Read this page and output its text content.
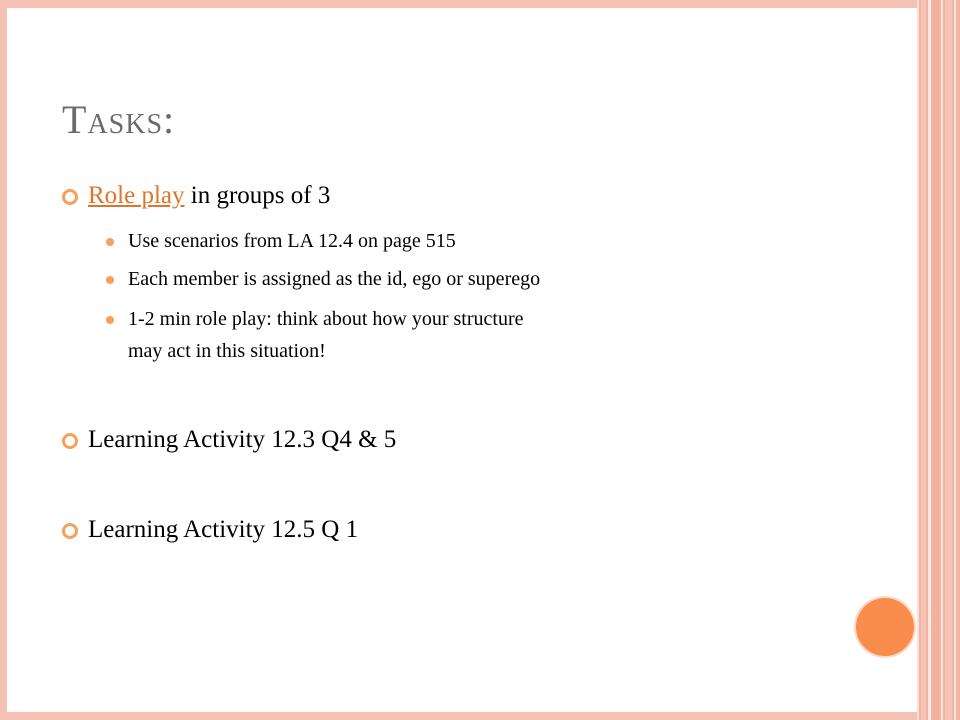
TASKS:
Role play in groups of 3
Use scenarios from LA 12.4 on page 515
Each member is assigned as the id, ego or superego
1-2 min role play: think about how your structure
may act in this situation!
Learning Activity 12.3 Q4 & 5
Learning Activity 12.5 Q 1
